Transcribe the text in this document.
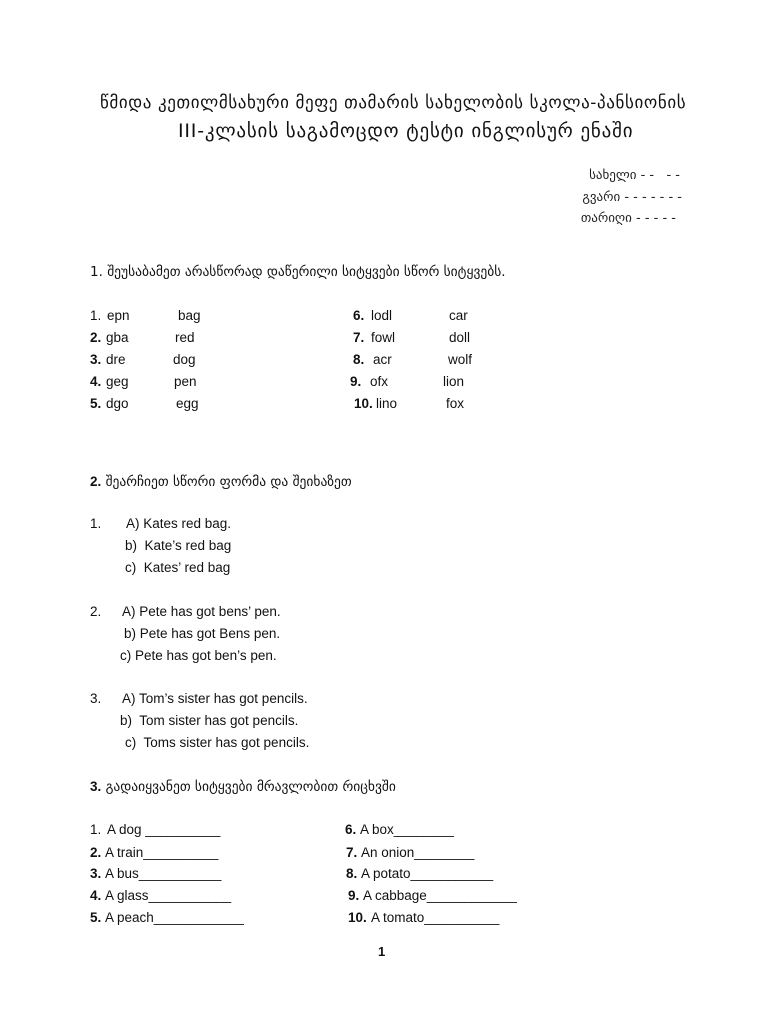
წმიდა კეთილმსახური მეფე თამარის სახელობის სკოლა-პანსიონის
III-კლასის საგამოცდო ტესტი ინგლისურ ენაში
სახელი - -   - -
გვარი - - - - - - -
თარიღი - - - - -
1. შეუსაბამეთ არასწორად დაწერილი სიტყვები სწორ სიტყვებს.
1. epn	bag
2. gba	red
3. dre	dog
4. geg	pen
5. dgo	egg
6. lodl	car
7. fowl	doll
8. acr	wolf
9. ofx	lion
10. lino	fox
2. შეარჩიეთ სწორი ფორმა და შეიხაზეთ
1. A) Kates red bag.
b)  Kate’s red bag
c)  Kates’ red bag
2. A) Pete has got bens’ pen.
b) Pete has got Bens pen.
c) Pete has got ben’s pen.
3. A) Tom’s sister has got pencils.
b)  Tom sister has got pencils.
c)  Toms sister has got pencils.
3. გადაიყვანეთ სიტყვები მრავლობით რიცხვში
1. A dog __________
2. A train__________
3. A bus___________
4. A glass___________
5. A peach____________
6. A box________
7. An onion________
8. A potato___________
9. A cabbage____________
10. A tomato__________
1
